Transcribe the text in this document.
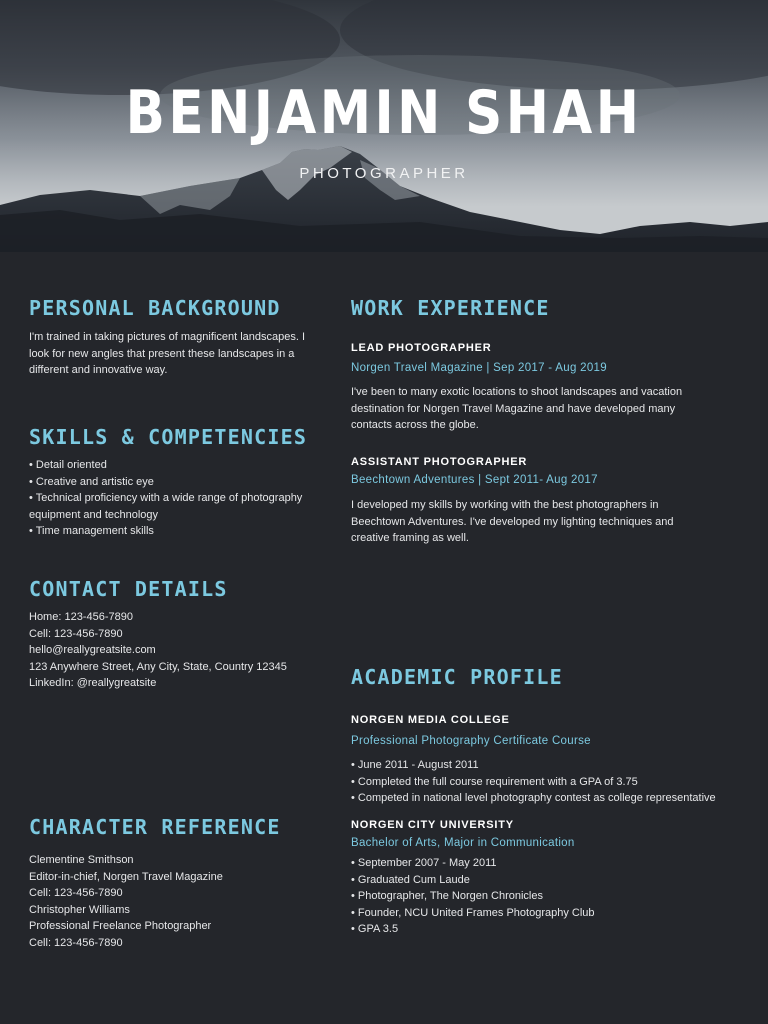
BENJAMIN SHAH
PHOTOGRAPHER
PERSONAL BACKGROUND
I'm trained in taking pictures of magnificent landscapes. I
look for new angles that present these landscapes in a
different and innovative way.
SKILLS & COMPETENCIES
• Detail oriented
• Creative and artistic eye
• Technical proficiency with a wide range of photography
equipment and technology
• Time management skills
CONTACT DETAILS
Home: 123-456-7890
Cell: 123-456-7890
hello@reallygreatsite.com
123 Anywhere Street, Any City, State, Country 12345
LinkedIn: @reallygreatsite
CHARACTER REFERENCE
Clementine Smithson
Editor-in-chief, Norgen Travel Magazine
Cell: 123-456-7890
Christopher Williams
Professional Freelance Photographer
Cell: 123-456-7890
WORK EXPERIENCE
LEAD PHOTOGRAPHER
Norgen Travel Magazine | Sep 2017 - Aug 2019
I've been to many exotic locations to shoot landscapes and vacation
destination for Norgen Travel Magazine and have developed many
contacts across the globe.
ASSISTANT PHOTOGRAPHER
Beechtown Adventures | Sept 2011- Aug 2017
I developed my skills by working with the best photographers in
Beechtown Adventures. I've developed my lighting techniques and
creative framing as well.
ACADEMIC PROFILE
NORGEN MEDIA COLLEGE
Professional Photography Certificate Course
• June 2011 - August 2011
• Completed the full course requirement with a GPA of 3.75
• Competed in national level photography contest as college representative
NORGEN CITY UNIVERSITY
Bachelor of Arts, Major in Communication
• September 2007 - May 2011
• Graduated Cum Laude
• Photographer, The Norgen Chronicles
• Founder, NCU United Frames Photography Club
• GPA 3.5
